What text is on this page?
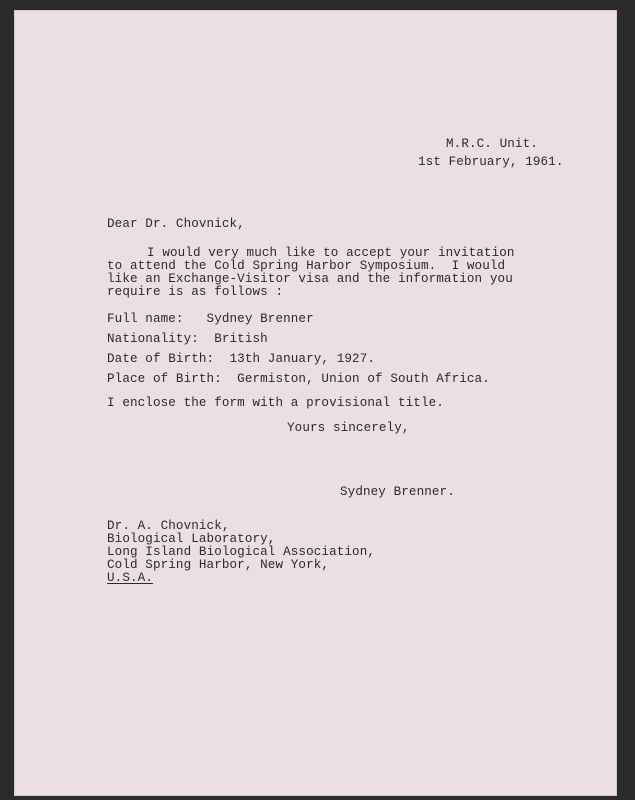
M.R.C. Unit.
1st February, 1961.
Dear Dr. Chovnick,
I would very much like to accept your invitation
to attend the Cold Spring Harbor Symposium.  I would
like an Exchange-Visitor visa and the information you
require is as follows :
Full name:   Sydney Brenner
Nationality:  British
Date of Birth:  13th January, 1927.
Place of Birth:  Germiston, Union of South Africa.
I enclose the form with a provisional title.
Yours sincerely,
Sydney Brenner.
Dr. A. Chovnick,
Biological Laboratory,
Long Island Biological Association,
Cold Spring Harbor, New York,
U.S.A.
